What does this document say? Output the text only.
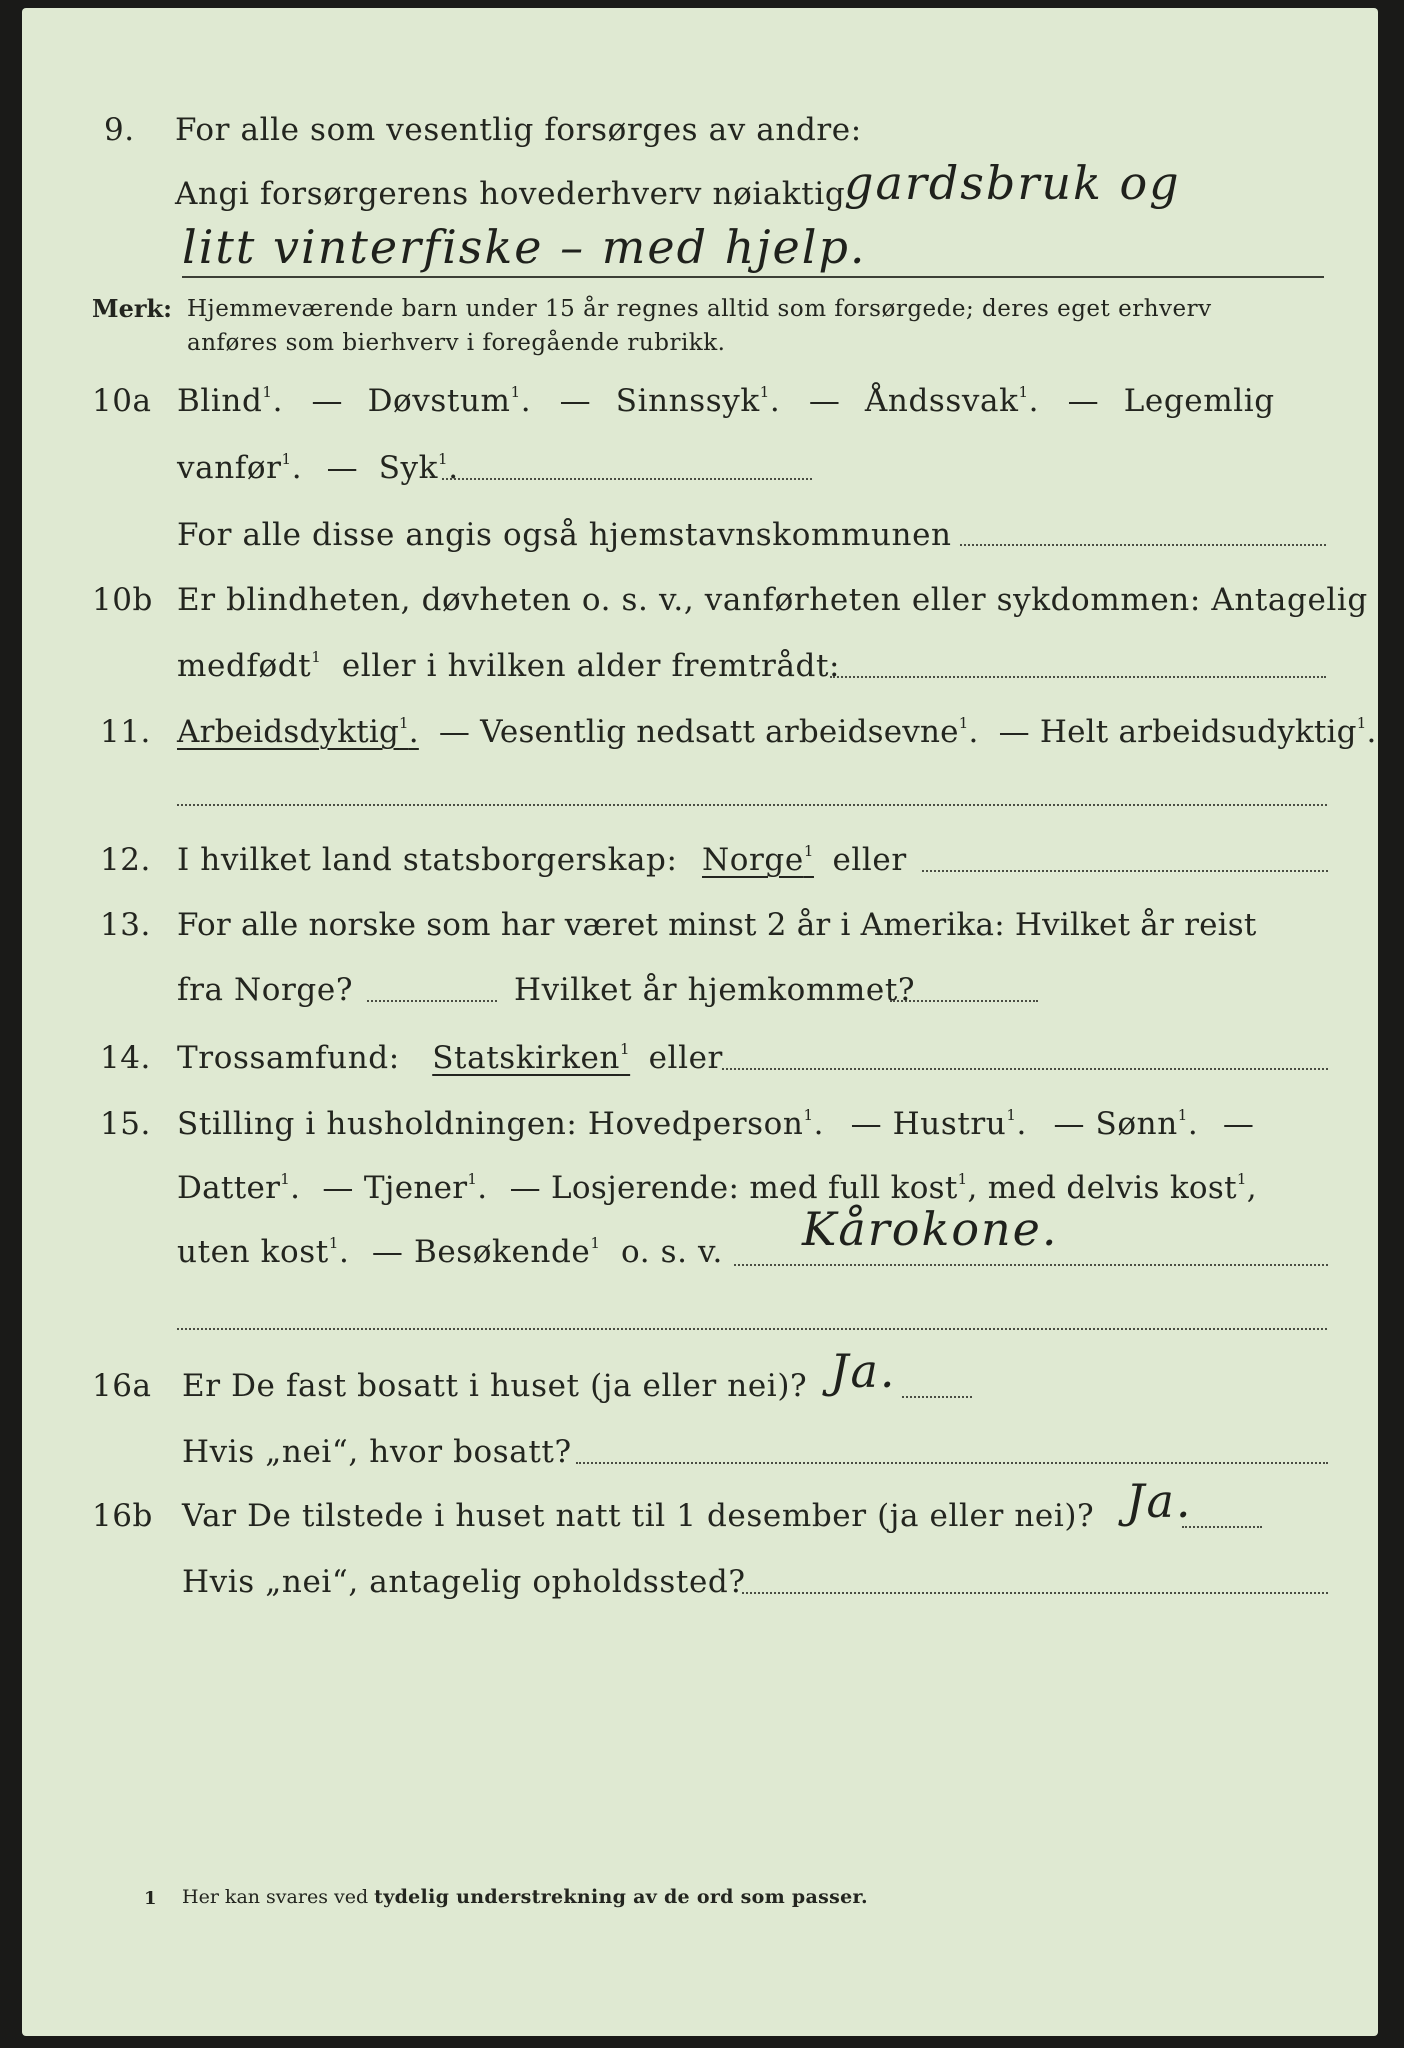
9. For alle som vesentlig forsørges av andre:
Angi forsørgerens hovederhverv nøiaktig
gardsbruk og
litt vinterfiske – med hjelp.
Merk: Hjemmeværende barn under 15 år regnes alltid som forsørgede; deres eget erhverv
anføres som bierhverv i foregående rubrikk.
10a Blind$^1$. — Døvstum$^1$. — Sinnssyk$^1$. — Åndssvak$^1$. — Legemlig
vanfør$^1$. — Syk$^1$.
For alle disse angis også hjemstavnskommunen
10b Er blindheten, døvheten o. s. v., vanførheten eller sykdommen: Antagelig
medfødt$^1$ eller i hvilken alder fremtrådt:
11. Arbeidsdyktig$^1$. — Vesentlig nedsatt arbeidsevne$^1$. — Helt arbeidsudyktig$^1$.
12. I hvilket land statsborgerskap: Norge$^1$ eller
13. For alle norske som har været minst 2 år i Amerika: Hvilket år reist
fra Norge?	Hvilket år hjemkommet?
14. Trossamfund: Statskirken$^1$ eller
15. Stilling i husholdningen: Hovedperson$^1$. — Hustru$^1$. — Sønn$^1$. —
Datter$^1$. — Tjener$^1$. — Losjerende: med full kost$^1$, med delvis kost$^1$,
uten kost$^1$. — Besøkende$^1$ o. s. v. Kårokone.
16a Er De fast bosatt i huset (ja eller nei)? Ja.
Hvis „nei“, hvor bosatt?
16b Var De tilstede i huset natt til 1 desember (ja eller nei)? Ja.
Hvis „nei“, antagelig opholdssted?
1 Her kan svares ved tydelig understrekning av de ord som passer.
